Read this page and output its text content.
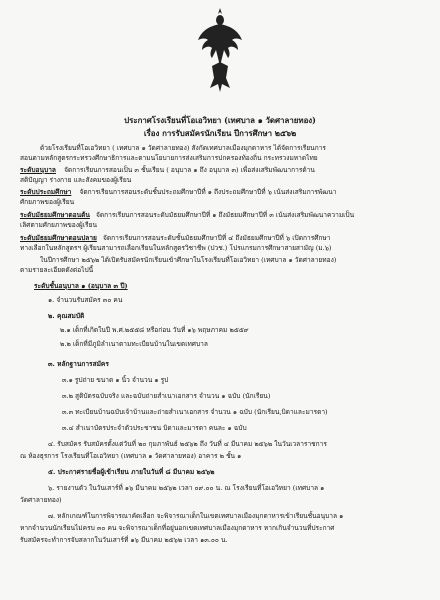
ประกาศโรงเรียนที่โอเอวิทยา (เทศบาล ๑ วัดศาลายทอง)
เรื่อง การรับสมัครนักเรียน ปีการศึกษา ๒๕๖๒
ด้วยโรงเรียนที่โอเอวิทยา ( เทศบาล ๑ วัดศาลายทอง) สังกัดเทศบาลเมืองมุกดาหาร ได้จัดการเรียนการ
สอนตามหลักสูตรกระทรวงศึกษาธิการและตามนโยบายการส่งเสริมการปกครองท้องถิ่น กระทรวงมหาดไทย
ระดับอนุบาล จัดการเรียนการสอนเป็น ๓ ชั้นเรียน ( อนุบาล ๑ ถึง อนุบาล ๓) เพื่อส่งเสริมพัฒนาการด้าน
สติปัญญา ร่างกาย และสังคมของผู้เรียน
ระดับประถมศึกษา จัดการเรียนการสอนระดับชั้นประถมศึกษาปีที่ ๑ ถึงประถมศึกษาปีที่ ๖ เน้นส่งเสริมการพัฒนา
ศักยภาพของผู้เรียน
ระดับมัธยมศึกษาตอนต้น จัดการเรียนการสอนระดับมัธยมศึกษาปีที่ ๑ ถึงมัธยมศึกษาปีที่ ๓ เน้นส่งเสริมพัฒนาความเป็น
เลิศตามศักยภาพของผู้เรียน
ระดับมัธยมศึกษาตอนปลาย จัดการเรียนการสอนระดับชั้นมัธยมศึกษาปีที่ ๔ ถึงมัธยมศึกษาปีที่ ๖ เปิดการศึกษา
ทางเลือกในหลักสูตรฯ ผู้เรียนสามารถเลือกเรียนในหลักสูตรวิชาชีพ (ปวช.) โปรแกรมการศึกษาสายสามัญ (ม.๖)
ในปีการศึกษา ๒๕๖๒ ได้เปิดรับสมัครนักเรียนเข้าศึกษาในโรงเรียนที่โอเอวิทยา (เทศบาล ๑ วัดศาลายทอง)
ตามรายละเอียดดังต่อไปนี้
ระดับชั้นอนุบาล ๑ (อนุบาล ๓ ปี)
๑. จำนวนรับสมัคร ๓๐ คน
๒. คุณสมบัติ
๒.๑ เด็กที่เกิดในปี พ.ศ.๒๕๕๘ หรือก่อน วันที่ ๑๖ พฤษภาคม ๒๕๕๙
๒.๒ เด็กที่มีภูมิลำเนาตามทะเบียนบ้านในเขตเทศบาล
๓. หลักฐานการสมัคร
๓.๑ รูปถ่าย ขนาด ๑ นิ้ว จำนวน ๑ รูป
๓.๒ สูติบัตรฉบับจริง และฉบับถ่ายสำเนาเอกสาร จำนวน ๑ ฉบับ (นักเรียน)
๓.๓ ทะเบียนบ้านฉบับเจ้าบ้านและถ่ายสำเนาเอกสาร จำนวน ๑ ฉบับ (นักเรียน,บิดาและมารดา)
๓.๔ สำเนาบัตรประจำตัวประชาชน บิดาและมารดา คนละ ๑ ฉบับ
๔. รับสมัคร รับสมัครตั้งแต่วันที่ ๒๐ กุมภาพันธ์ ๒๕๖๒ ถึง วันที่ ๔ มีนาคม ๒๕๖๒ ในวันเวลาราชการ
ณ ห้องธุรการ โรงเรียนที่โอเอวิทยา (เทศบาล ๑ วัดศาลายทอง) อาคาร ๒ ชั้น ๑
๕. ประกาศรายชื่อผู้เข้าเรียน ภายในวันที่ ๘ มีนาคม ๒๕๖๒
๖. รายงานตัว ในวันเสาร์ที่ ๑๖ มีนาคม ๒๕๖๒ เวลา ๐๙.๐๐ น. ณ โรงเรียนที่โอเอวิทยา (เทศบาล ๑
วัดศาลายทอง)
๗. หลักเกณฑ์ในการพิจารณาคัดเลือก จะพิจารณาเด็กในเขตเทศบาลเมืองมุกดาหารเข้าเรียนชั้นอนุบาล ๑
หากจำนวนนักเรียนไม่ครบ ๓๐ คน จะพิจารณาเด็กที่อยู่นอกเขตเทศบาลเมืองมุกดาหาร หากเกินจำนวนที่ประกาศ
รับสมัครจะทำการจับสลากในวันเสาร์ที่ ๑๖ มีนาคม ๒๕๖๒ เวลา ๑๓.๐๐ น.
